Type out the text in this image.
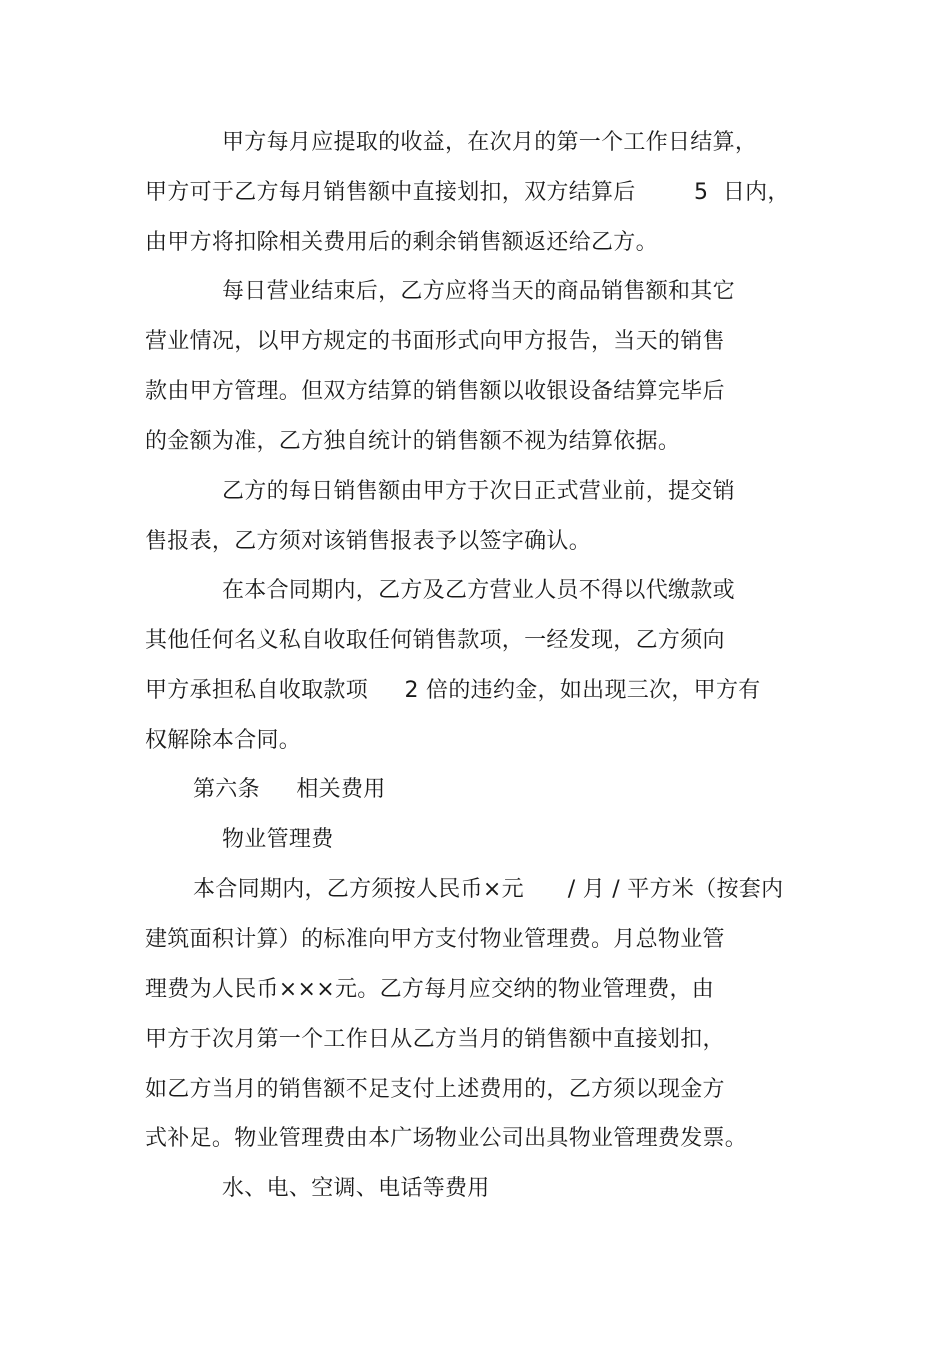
甲方每月应提取的收益，在次月的第一个工作日结算，
甲方可于乙方每月销售额中直接划扣，双方结算后        5  日内，
由甲方将扣除相关费用后的剩余销售额返还给乙方。
每日营业结束后，乙方应将当天的商品销售额和其它
营业情况，以甲方规定的书面形式向甲方报告，当天的销售
款由甲方管理。但双方结算的销售额以收银设备结算完毕后
的金额为准，乙方独自统计的销售额不视为结算依据。
乙方的每日销售额由甲方于次日正式营业前，提交销
售报表，乙方须对该销售报表予以签字确认。
在本合同期内，乙方及乙方营业人员不得以代缴款或
其他任何名义私自收取任何销售款项，一经发现，乙方须向
甲方承担私自收取款项     2 倍的违约金，如出现三次，甲方有
权解除本合同。
第六条     相关费用
物业管理费
本合同期内，乙方须按人民币×元      / 月 / 平方米（按套内
建筑面积计算）的标准向甲方支付物业管理费。月总物业管
理费为人民币×××元。乙方每月应交纳的物业管理费，由
甲方于次月第一个工作日从乙方当月的销售额中直接划扣，
如乙方当月的销售额不足支付上述费用的，乙方须以现金方
式补足。物业管理费由本广场物业公司出具物业管理费发票。
水、电、空调、电话等费用
